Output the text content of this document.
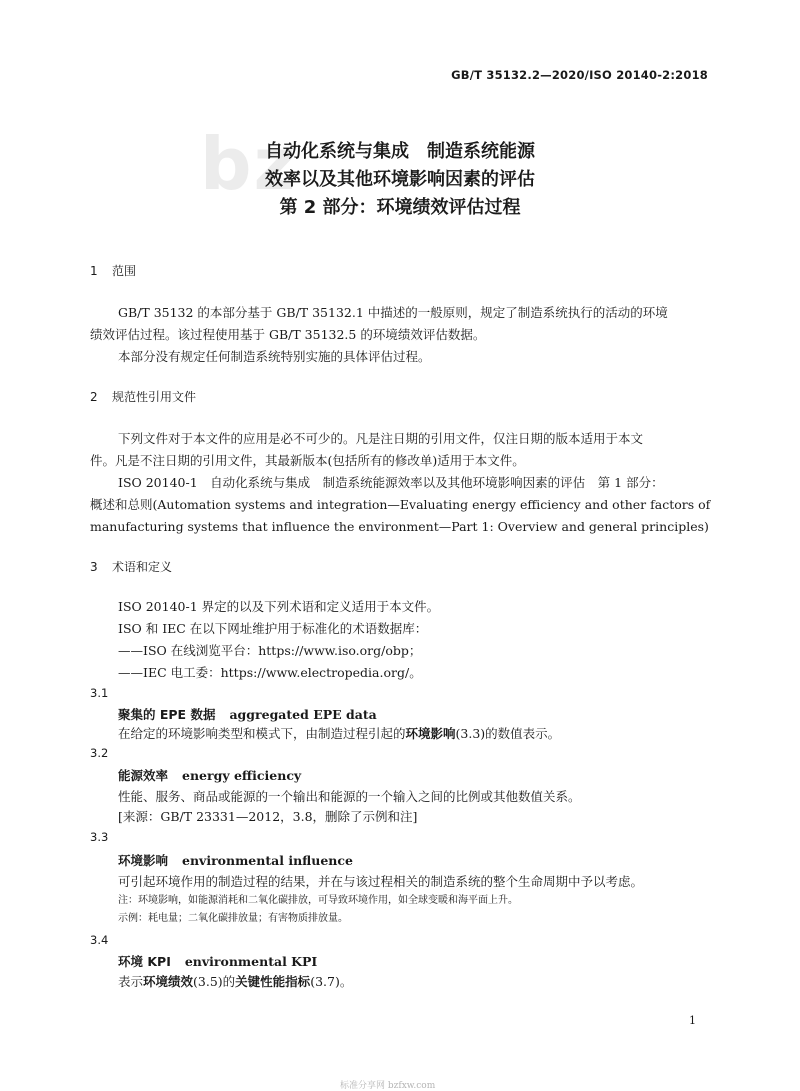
GB/T 35132.2—2020/ISO 20140-2:2018
bz
自动化系统与集成　制造系统能源
效率以及其他环境影响因素的评估
第 2 部分：环境绩效评估过程
1 范围
GB/T 35132 的本部分基于 GB/T 35132.1 中描述的一般原则，规定了制造系统执行的活动的环境
绩效评估过程。该过程使用基于 GB/T 35132.5 的环境绩效评估数据。
本部分没有规定任何制造系统特别实施的具体评估过程。
2 规范性引用文件
下列文件对于本文件的应用是必不可少的。凡是注日期的引用文件，仅注日期的版本适用于本文
件。凡是不注日期的引用文件，其最新版本(包括所有的修改单)适用于本文件。
ISO 20140-1　自动化系统与集成　制造系统能源效率以及其他环境影响因素的评估　第 1 部分：
概述和总则(Automation systems and integration—Evaluating energy efficiency and other factors of
manufacturing systems that influence the environment—Part 1: Overview and general principles)
3 术语和定义
ISO 20140-1 界定的以及下列术语和定义适用于本文件。
ISO 和 IEC 在以下网址维护用于标准化的术语数据库：
——ISO 在线浏览平台：https://www.iso.org/obp；
——IEC 电工委：https://www.electropedia.org/。
3.1
聚集的 EPE 数据 aggregated EPE data
在给定的环境影响类型和模式下，由制造过程引起的环境影响(3.3)的数值表示。
3.2
能源效率 energy efficiency
性能、服务、商品或能源的一个输出和能源的一个输入之间的比例或其他数值关系。
[来源：GB/T 23331—2012，3.8，删除了示例和注]
3.3
环境影响 environmental influence
可引起环境作用的制造过程的结果，并在与该过程相关的制造系统的整个生命周期中予以考虑。
注：环境影响，如能源消耗和二氧化碳排放，可导致环境作用，如全球变暖和海平面上升。
示例：耗电量；二氧化碳排放量；有害物质排放量。
3.4
环境 KPI environmental KPI
表示环境绩效(3.5)的关键性能指标(3.7)。
1
标准分享网 bzfxw.com
